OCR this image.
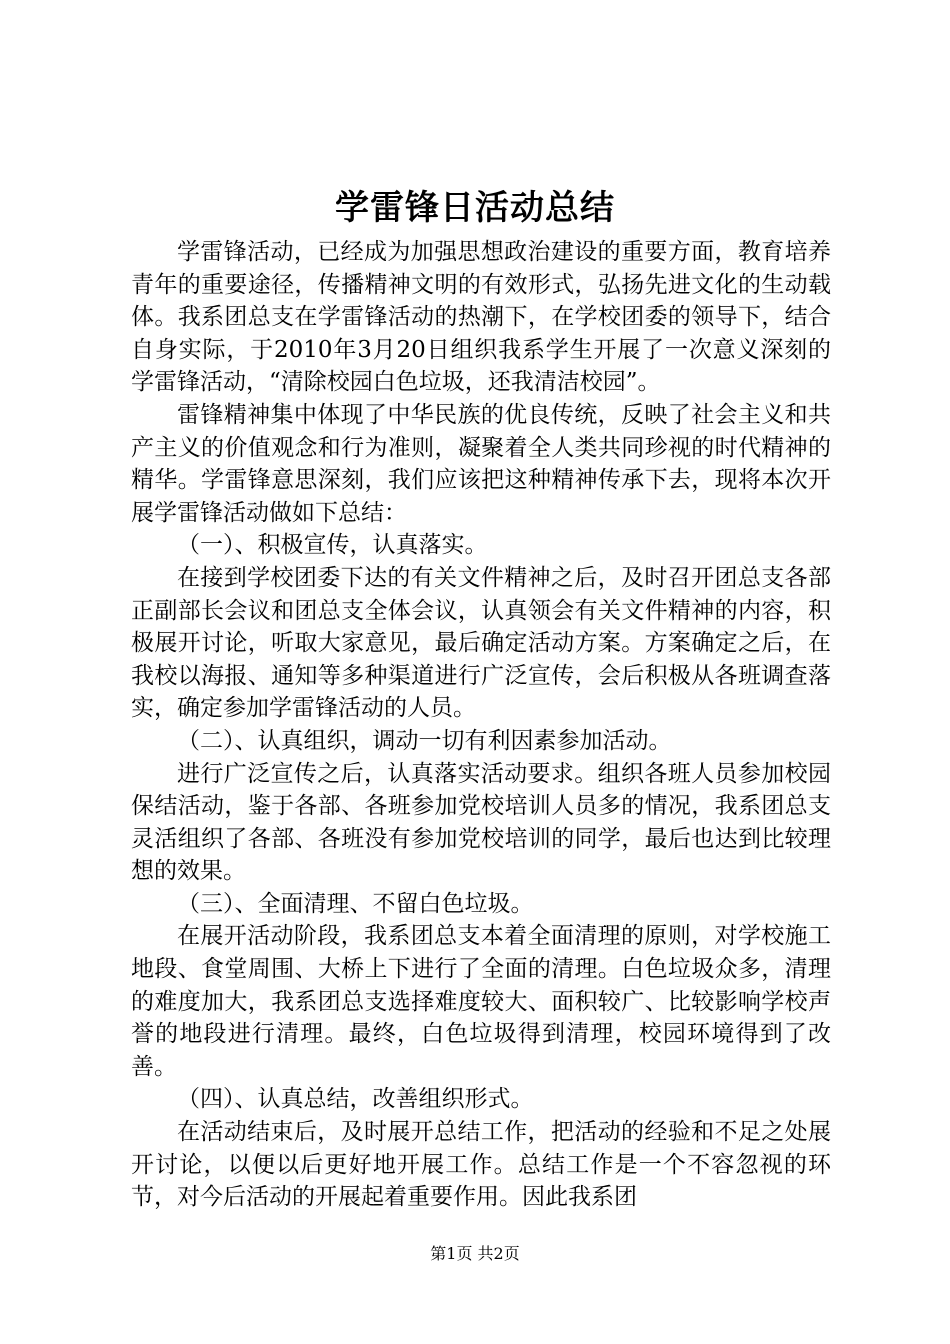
学雷锋日活动总结

学雷锋活动，已经成为加强思想政治建设的重要方面，教育培养青年的重要途径，传播精神文明的有效形式，弘扬先进文化的生动载体。我系团总支在学雷锋活动的热潮下，在学校团委的领导下，结合自身实际，于2010年3月20日组织我系学生开展了一次意义深刻的学雷锋活动，“清除校园白色垃圾，还我清洁校园”。

雷锋精神集中体现了中华民族的优良传统，反映了社会主义和共产主义的价值观念和行为准则，凝聚着全人类共同珍视的时代精神的精华。学雷锋意思深刻，我们应该把这种精神传承下去，现将本次开展学雷锋活动做如下总结：

（一）、积极宣传，认真落实。

在接到学校团委下达的有关文件精神之后，及时召开团总支各部正副部长会议和团总支全体会议，认真领会有关文件精神的内容，积极展开讨论，听取大家意见，最后确定活动方案。方案确定之后，在我校以海报、通知等多种渠道进行广泛宣传，会后积极从各班调查落实，确定参加学雷锋活动的人员。

（二）、认真组织，调动一切有利因素参加活动。

进行广泛宣传之后，认真落实活动要求。组织各班人员参加校园保结活动，鉴于各部、各班参加党校培训人员多的情况，我系团总支灵活组织了各部、各班没有参加党校培训的同学，最后也达到比较理想的效果。

（三）、全面清理、不留白色垃圾。

在展开活动阶段，我系团总支本着全面清理的原则，对学校施工地段、食堂周围、大桥上下进行了全面的清理。白色垃圾众多，清理的难度加大，我系团总支选择难度较大、面积较广、比较影响学校声誉的地段进行清理。最终，白色垃圾得到清理，校园环境得到了改善。

（四）、认真总结，改善组织形式。

在活动结束后，及时展开总结工作，把活动的经验和不足之处展开讨论，以便以后更好地开展工作。总结工作是一个不容忽视的环节，对今后活动的开展起着重要作用。因此我系团

第1页 共2页
